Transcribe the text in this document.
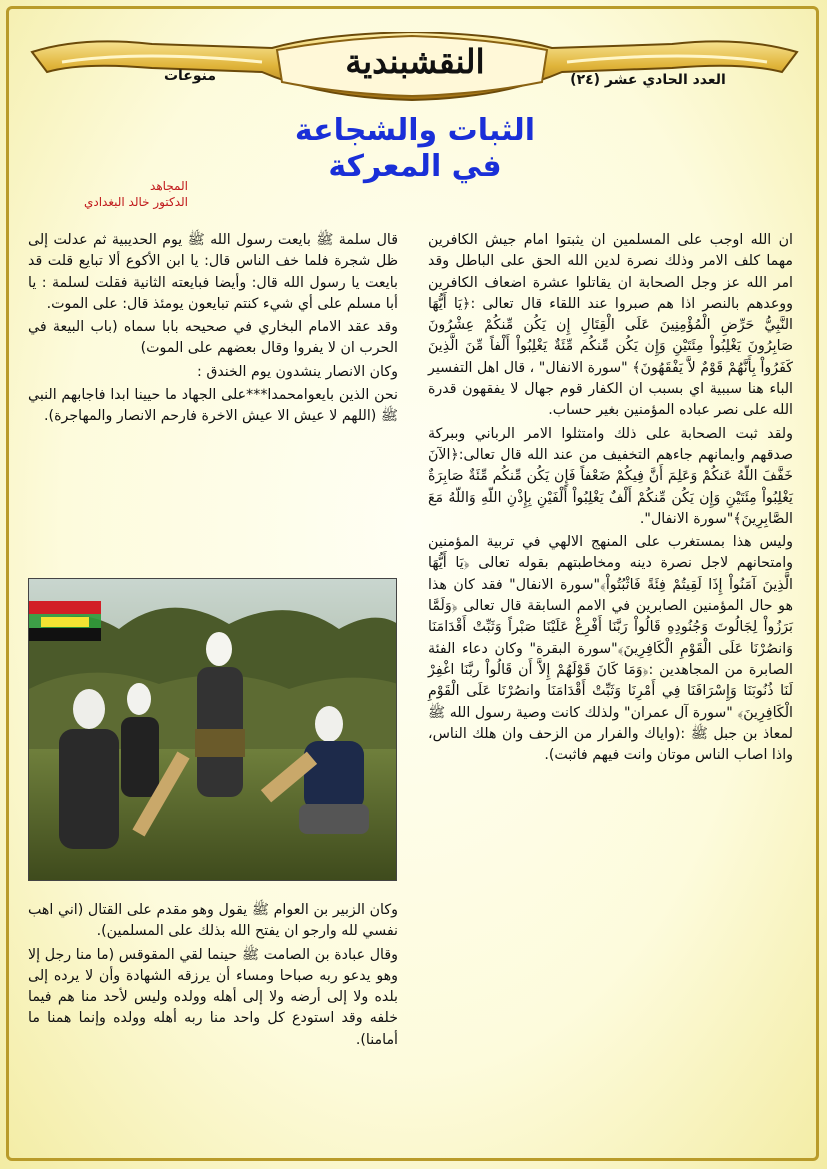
النقشبندية	العدد الحادي عشر (٢٤)
منوعات
الثبات والشجاعة
في المعركة
المجاهد
الدكتور خالد البغدادي

ان الله اوجب على المسلمين ان يثبتوا امام جيش الكافرين مهما كلف الامر وذلك نصرة لدين الله الحق على الباطل وقد امر الله عز وجل الصحابة ان يقاتلوا عشرة اضعاف الكافرين ووعدهم بالنصر اذا هم صبروا عند اللقاء قال تعالى :﴿يَا أَيُّهَا النَّبِيُّ حَرِّضِ الْمُؤْمِنِينَ عَلَى الْقِتَالِ إِن يَكُن مِّنكُمْ عِشْرُونَ صَابِرُونَ يَغْلِبُواْ مِئَتَيْنِ وَإِن يَكُن مِّنكُم مِّئَةٌ يَغْلِبُواْ أَلْفاً مِّنَ الَّذِينَ كَفَرُواْ بِأَنَّهُمْ قَوْمٌ لاَّ يَفْقَهُونَ﴾ "سورة الانفال" ، قال اهل التفسير الباء هنا سببية اي بسبب ان الكفار قوم جهال لا يفقهون قدرة الله على نصر عباده المؤمنين بغير حساب.

ولقد ثبت الصحابة على ذلك وامتثلوا الامر الرباني وببركة صدقهم وايمانهم جاءهم التخفيف من عند الله قال تعالى:﴿الآنَ خَفَّفَ اللّهُ عَنكُمْ وَعَلِمَ أَنَّ فِيكُمْ ضَعْفاً فَإِن يَكُن مِّنكُم مِّئَةٌ صَابِرَةٌ يَغْلِبُواْ مِئَتَيْنِ وَإِن يَكُن مِّنكُمْ أَلْفٌ يَغْلِبُواْ أَلْفَيْنِ بِإِذْنِ اللّهِ وَاللّهُ مَعَ الصَّابِرِينَ﴾"سورة الانفال".

وليس هذا بمستغرب على المنهج الالهي في تربية المؤمنين وامتحانهم لاجل نصرة دينه ومخاطبتهم بقوله تعالى ﴿يَا أَيُّهَا الَّذِينَ آمَنُواْ إِذَا لَقِيتُمْ فِئَةً فَاثْبُتُواْ﴾"سورة الانفال" فقد كان هذا هو حال المؤمنين الصابرين في الامم السابقة قال تعالى ﴿وَلَمَّا بَرَزُواْ لِجَالُوتَ وَجُنُودِهِ قَالُواْ رَبَّنَا أَفْرِغْ عَلَيْنَا صَبْراً وَثَبِّتْ أَقْدَامَنَا وَانصُرْنَا عَلَى الْقَوْمِ الْكَافِرِينَ﴾"سورة البقرة" وكان دعاء الفئة الصابرة من المجاهدين :﴿وَمَا كَانَ قَوْلَهُمْ إِلاَّ أَن قَالُواْ ربَّنَا اغْفِرْ لَنَا ذُنُوبَنَا وَإِسْرَافَنَا فِي أَمْرِنَا وَثَبِّتْ أَقْدَامَنَا وانصُرْنَا عَلَى الْقَوْمِ الْكَافِرِينَ﴾ "سورة آل عمران" ولذلك كانت وصية رسول الله ﷺ لمعاذ بن جبل ﷺ :(واياك والفرار من الزحف وان هلك الناس، واذا اصاب الناس موتان وانت فيهم فاثبت).

قال سلمة ﷺ بايعت رسول الله ﷺ يوم الحديبية ثم عدلت إلى ظل شجرة فلما خف الناس قال: يا ابن الأكوع ألا تبايع قلت قد بايعت يا رسول الله قال: وأيضا فبايعته الثانية فقلت لسلمة : يا أبا مسلم على أي شيء كنتم تبايعون يومئذ قال: على الموت.

وقد عقد الامام البخاري في صحيحه بابا سماه (باب البيعة في الحرب ان لا يفروا وقال بعضهم على الموت)

وكان الانصار ينشدون يوم الخندق :

نحن الذين بايعوامحمدا***على الجهاد ما حيينا ابدا فاجابهم النبي ﷺ (اللهم لا عيش الا عيش الاخرة فارحم الانصار والمهاجرة).

وكان الزبير بن العوام ﷺ يقول وهو مقدم على القتال (اني اهب نفسي لله وارجو ان يفتح الله بذلك على المسلمين).

وقال عبادة بن الصامت ﷺ حينما لقي المقوقس (ما منا رجل إلا وهو يدعو ربه صباحا ومساء أن يرزقه الشهادة وأن لا يرده إلى بلده ولا إلى أرضه ولا إلى أهله وولده وليس لأحد منا هم فيما خلفه وقد استودع كل واحد منا ربه أهله وولده وإنما همنا ما أمامنا).
